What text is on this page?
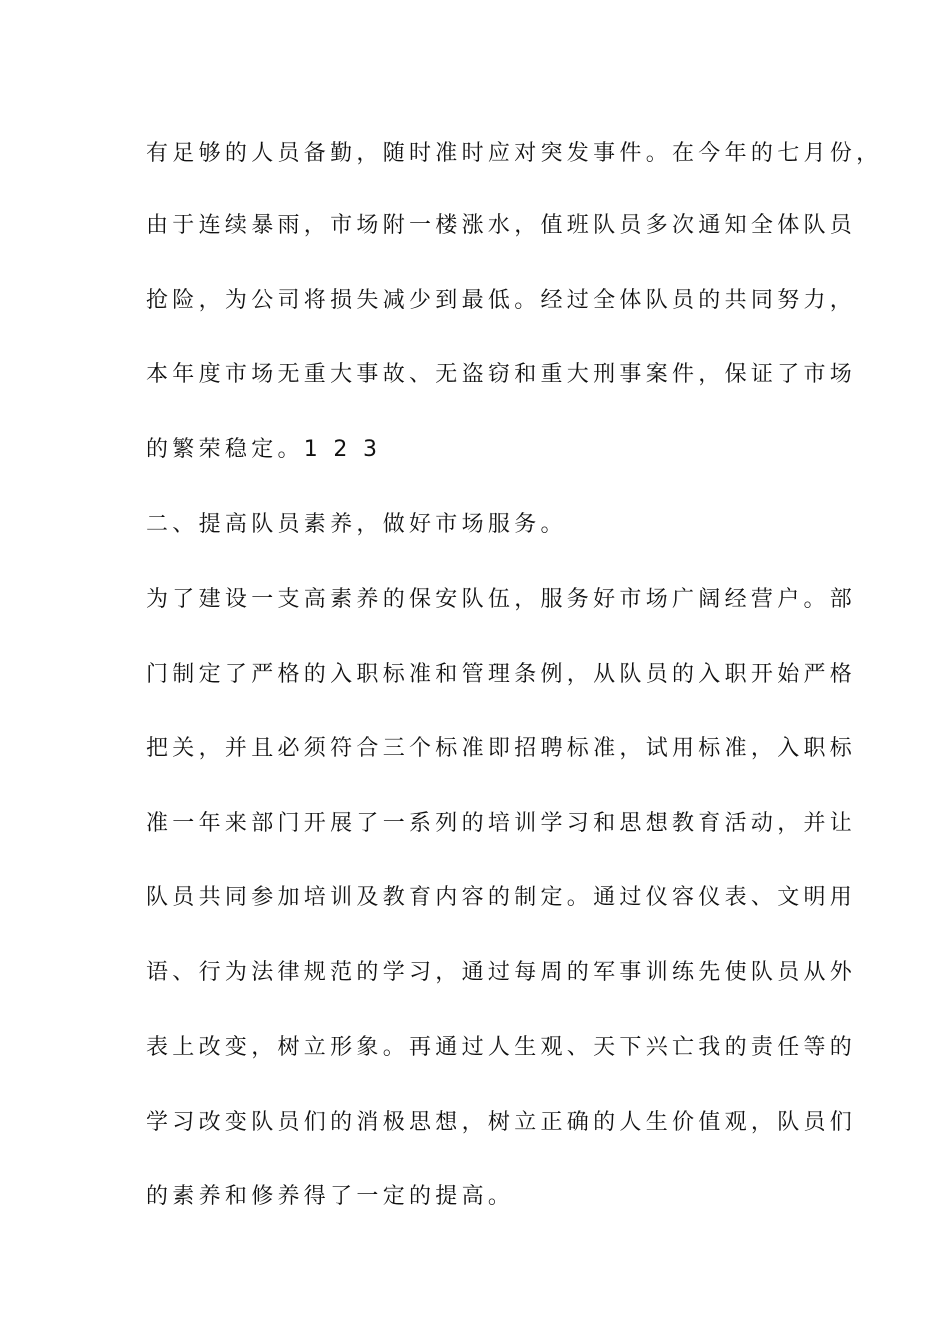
有足够的人员备勤，随时准时应对突发事件。在今年的七月份，
由于连续暴雨，市场附一楼涨水，值班队员多次通知全体队员
抢险，为公司将损失减少到最低。经过全体队员的共同努力，
本年度市场无重大事故、无盗窃和重大刑事案件，保证了市场
的繁荣稳定。1 2 3
二、提高队员素养，做好市场服务。
为了建设一支高素养的保安队伍，服务好市场广阔经营户。部
门制定了严格的入职标准和管理条例，从队员的入职开始严格
把关，并且必须符合三个标准即招聘标准，试用标准，入职标
准一年来部门开展了一系列的培训学习和思想教育活动，并让
队员共同参加培训及教育内容的制定。通过仪容仪表、文明用
语、行为法律规范的学习，通过每周的军事训练先使队员从外
表上改变，树立形象。再通过人生观、天下兴亡我的责任等的
学习改变队员们的消极思想，树立正确的人生价值观，队员们
的素养和修养得了一定的提高。
